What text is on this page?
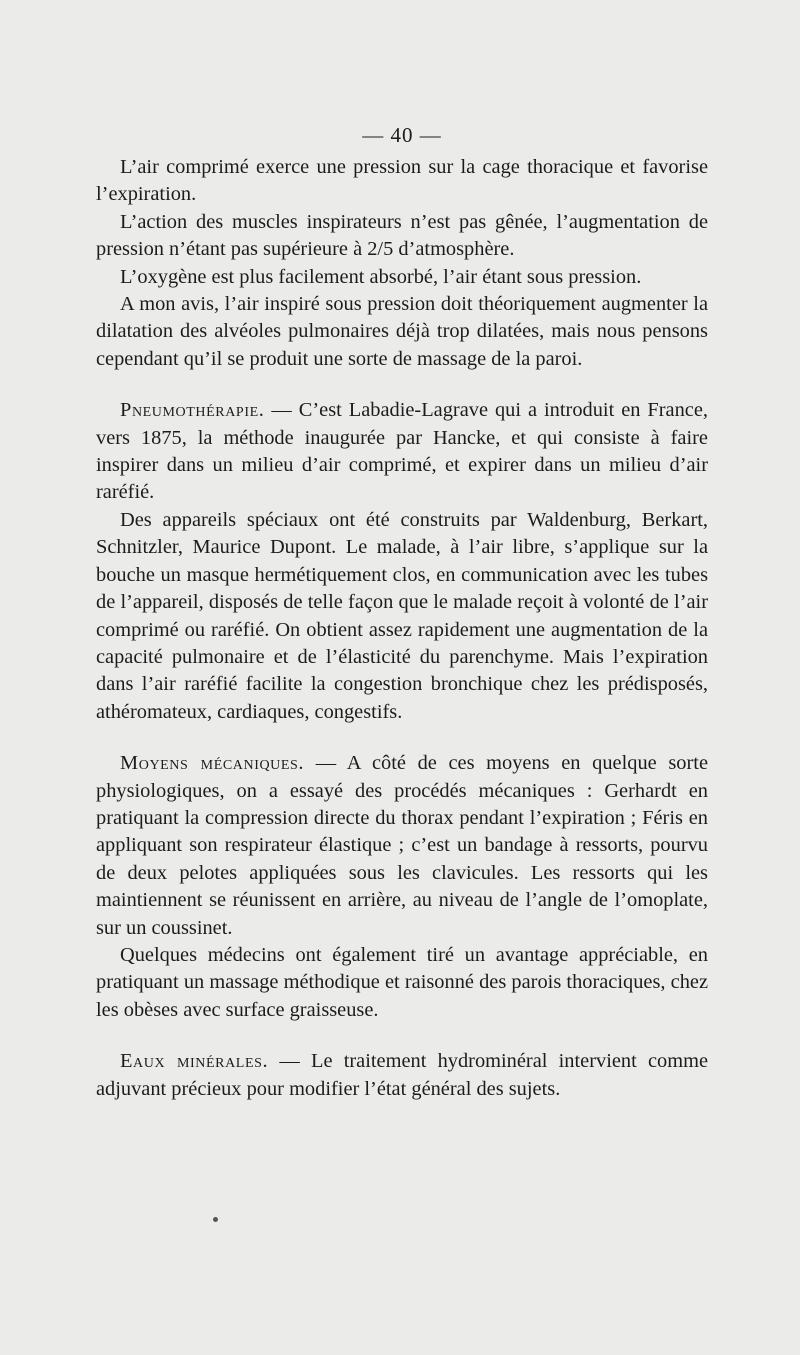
— 40 —

L’air comprimé exerce une pression sur la cage thoracique et favorise l’expiration.

L’action des muscles inspirateurs n’est pas gênée, l’augmentation de pression n’étant pas supérieure à 2/5 d’atmosphère.

L’oxygène est plus facilement absorbé, l’air étant sous pression.

A mon avis, l’air inspiré sous pression doit théoriquement augmenter la dilatation des alvéoles pulmonaires déjà trop dilatées, mais nous pensons cependant qu’il se produit une sorte de massage de la paroi.

Pneumothérapie. — C’est Labadie-Lagrave qui a introduit en France, vers 1875, la méthode inaugurée par Hancke, et qui consiste à faire inspirer dans un milieu d’air comprimé, et expirer dans un milieu d’air raréfié.

Des appareils spéciaux ont été construits par Waldenburg, Berkart, Schnitzler, Maurice Dupont. Le malade, à l’air libre, s’applique sur la bouche un masque hermétiquement clos, en communication avec les tubes de l’appareil, disposés de telle façon que le malade reçoit à volonté de l’air comprimé ou raréfié. On obtient assez rapidement une augmentation de la capacité pulmonaire et de l’élasticité du parenchyme. Mais l’expiration dans l’air raréfié facilite la congestion bronchique chez les prédisposés, athéromateux, cardiaques, congestifs.

Moyens mécaniques. — A côté de ces moyens en quelque sorte physiologiques, on a essayé des procédés mécaniques : Gerhardt en pratiquant la compression directe du thorax pendant l’expiration ; Féris en appliquant son respirateur élastique ; c’est un bandage à ressorts, pourvu de deux pelotes appliquées sous les clavicules. Les ressorts qui les maintiennent se réunissent en arrière, au niveau de l’angle de l’omoplate, sur un coussinet.

Quelques médecins ont également tiré un avantage appréciable, en pratiquant un massage méthodique et raisonné des parois thoraciques, chez les obèses avec surface graisseuse.

Eaux minérales. — Le traitement hydrominéral intervient comme adjuvant précieux pour modifier l’état général des sujets.
